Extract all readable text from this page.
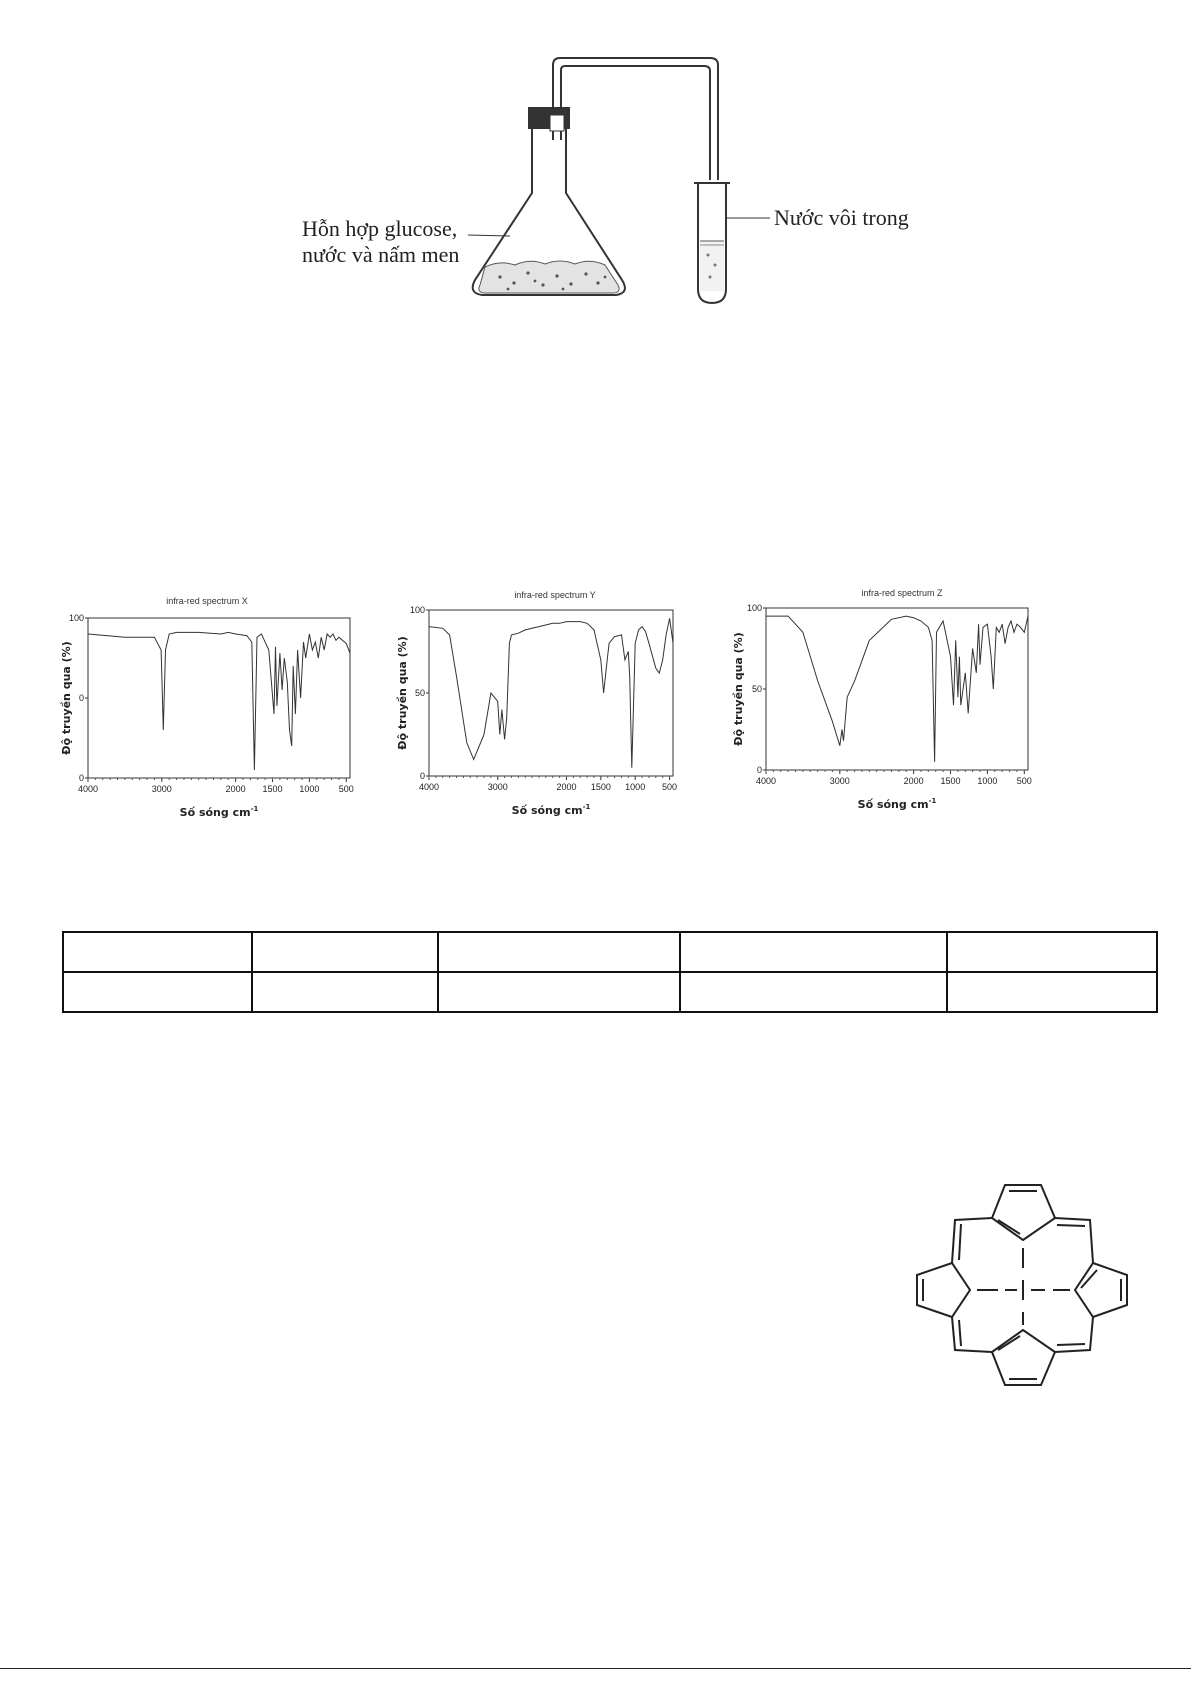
Hỗn hợp glucose,
nước và nấm men
Nước vôi trong
infra-red spectrum X
4000	3000	2000 1500 1000 500
100
0
0
Độ truyền qua (%)
Số sóng $cm^{-1}$
infra-red spectrum Y
4000	3000	2000 1500 1000 500
100
50
0
Độ truyền qua (%)
Số sóng $cm^{-1}$
infra-red spectrum Z
4000	3000	2000 1500 1000 500
100
50
0
Độ truyền qua (%)
Số sóng $cm^{-1}$
